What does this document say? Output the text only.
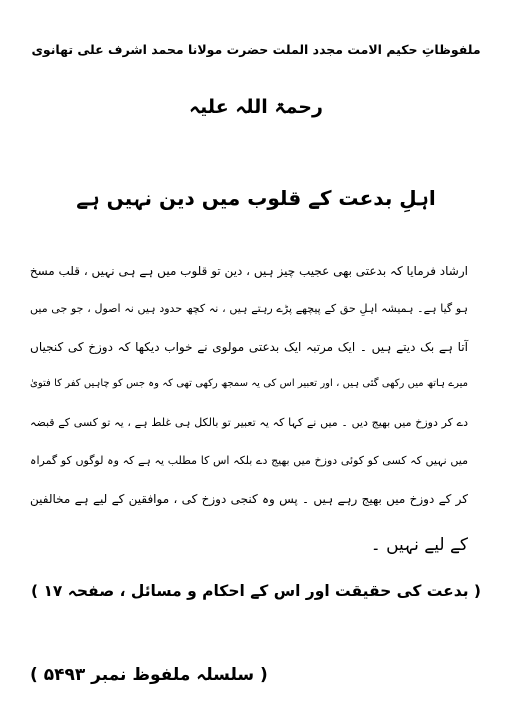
ملفوظاتِ حکیم الامت مجدد الملت حضرت مولانا محمد اشرف علی تھانوی
رحمۃ اللہ علیہ
اہلِ بدعت کے قلوب میں دین نہیں ہے
ارشاد فرمایا کہ بدعتی بھی عجیب چیز ہیں ، دین تو قلوب میں ہے ہی نہیں ، قلب مسخ
ہو گیا ہے۔ ہمیشہ اہلِ حق کے پیچھے پڑے رہتے ہیں ، نہ کچھ حدود ہیں نہ اصول ، جو جی میں
آتا ہے بک دیتے ہیں ۔ ایک مرتبہ ایک بدعتی مولوی نے خواب دیکھا کہ دوزخ کی کنجیاں
میرے ہاتھ میں رکھی گئی ہیں ، اور تعبیر اس کی یہ سمجھ رکھی تھی کہ وہ جس کو چاہیں کفر کا فتویٰ
دے کر دوزخ میں بھیج دیں ۔ میں نے کہا کہ یہ تعبیر تو بالکل ہی غلط ہے ، یہ تو کسی کے قبضہ
میں نہیں کہ کسی کو کوئی دوزخ میں بھیج دے بلکہ اس کا مطلب یہ ہے کہ وہ لوگوں کو گمراہ
کر کے دوزخ میں بھیج رہے ہیں ۔ پس وہ کنجی دوزخ کی ، موافقین کے لیے ہے مخالفین
کے لیے نہیں ۔
( بدعت کی حقیقت اور اس کے احکام و مسائل ، صفحہ ۱۷ )
( سلسلہ ملفوظ نمبر ۵۴۹۳ )
